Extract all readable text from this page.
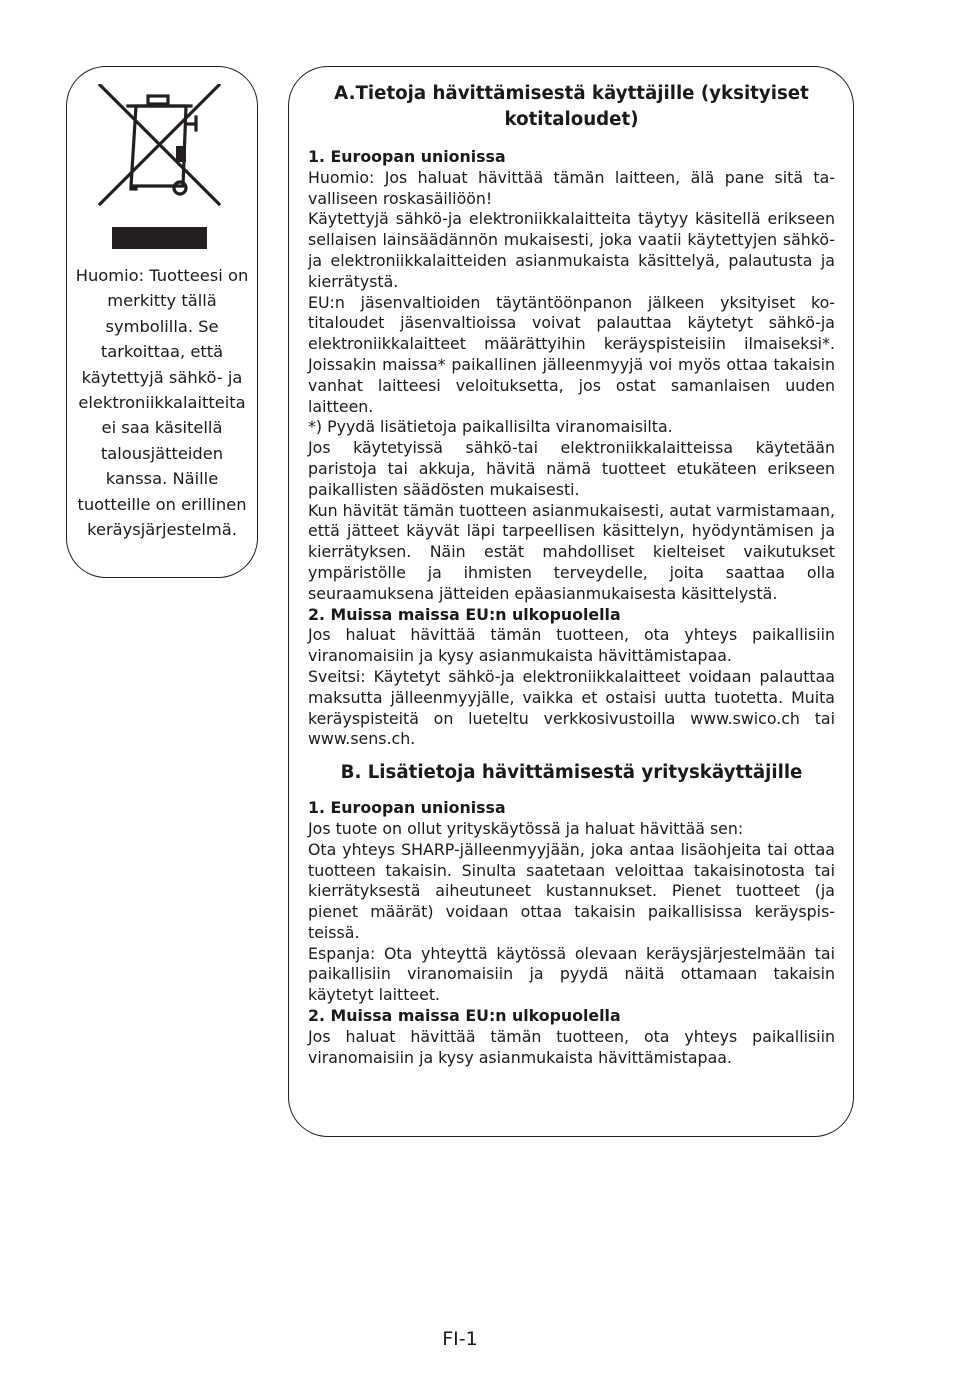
Huomio: Tuotteesi on merkitty tällä symbolilla. Se tarkoittaa, että käytettyjä sähkö- ja elektroniikkalaitteita ei saa käsitellä talousjätteiden kanssa. Näille tuotteille on erillinen keräysjärjestelmä.

A.Tietoja hävittämisestä käyttäjille (yksityiset kotitaloudet)
1. Euroopan unionissa

Huomio: Jos haluat hävittää tämän laitteen, älä pane sitä tavalliseen roskasäiliöön!

Käytettyjä sähkö-ja elektroniikkalaitteita täytyy käsitellä erikseen sellaisen lainsäädännön mukaisesti, joka vaatii käytettyjen sähkö-ja elektroniikkalaitteiden asianmukaista käsittelyä, palautusta ja kierrätystä.

EU:n jäsenvaltioiden täytäntöönpanon jälkeen yksityiset kotitaloudet jäsenvaltioissa voivat palauttaa käytetyt sähkö-ja elektroniikkalaitteet määrättyihin keräyspisteisiin ilmaiseksi*. Joissakin maissa* paikallinen jälleenmyyjä voi myös ottaa takaisin vanhat laitteesi veloituksetta, jos ostat samanlaisen uuden laitteen.

*) Pyydä lisätietoja paikallisilta viranomaisilta.

Jos käytetyissä sähkö-tai elektroniikkalaitteissa käytetään paristoja tai akkuja, hävitä nämä tuotteet etukäteen erikseen paikallisten säädösten mukaisesti.

Kun hävität tämän tuotteen asianmukaisesti, autat varmistamaan, että jätteet käyvät läpi tarpeellisen käsittelyn, hyödyntämisen ja kierrätyksen. Näin estät mahdolliset kielteiset vaikutukset ympäristölle ja ihmisten terveydelle, joita saattaa olla seuraamuksena jätteiden epäasianmukaisesta käsittelystä.

2. Muissa maissa EU:n ulkopuolella

Jos haluat hävittää tämän tuotteen, ota yhteys paikallisiin viranomaisiin ja kysy asianmukaista hävittämistapaa.

Sveitsi: Käytetyt sähkö-ja elektroniikkalaitteet voidaan palauttaa maksutta jälleenmyyjälle, vaikka et ostaisi uutta tuotetta. Muita keräyspisteitä on lueteltu verkkosivustoilla www.swico.ch tai www.sens.ch.

B. Lisätietoja hävittämisestä yrityskäyttäjille
1. Euroopan unionissa

Jos tuote on ollut yrityskäytössä ja haluat hävittää sen:

Ota yhteys SHARP-jälleenmyyjään, joka antaa lisäohjeita tai ottaa tuotteen takaisin. Sinulta saatetaan veloittaa takaisinotosta tai kierrätyksestä aiheutuneet kustannukset. Pienet tuotteet (ja pienet määrät) voidaan ottaa takaisin paikallisissa keräyspisteissä.

Espanja: Ota yhteyttä käytössä olevaan keräysjärjestelmään tai paikallisiin viranomaisiin ja pyydä näitä ottamaan takaisin käytetyt laitteet.

2. Muissa maissa EU:n ulkopuolella

Jos haluat hävittää tämän tuotteen, ota yhteys paikallisiin viranomaisiin ja kysy asianmukaista hävittämistapaa.

FI-1
